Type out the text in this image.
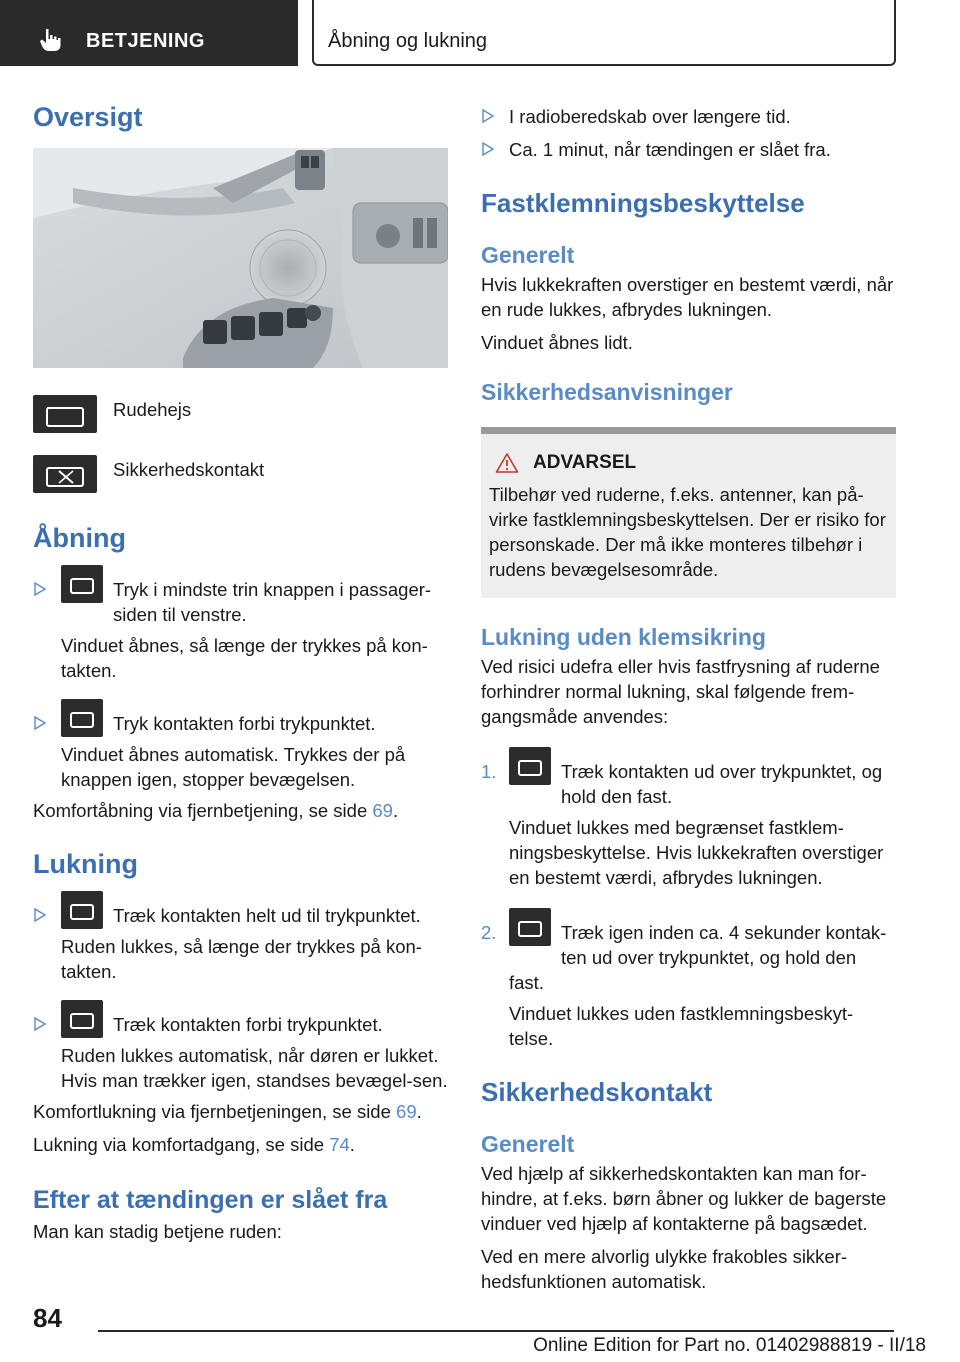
BETJENING	Åbning og lukning
Oversigt
Rudehejs
Sikkerhedskontakt
Åbning
Tryk i mindste trin knappen i passager-siden til venstre.
Vinduet åbnes, så længe der trykkes på kon-takten.
Tryk kontakten forbi trykpunktet.
Vinduet åbnes automatisk. Trykkes der på knappen igen, stopper bevægelsen.
Komfortåbning via fjernbetjening, se side 69.
Lukning
Træk kontakten helt ud til trykpunktet.
Ruden lukkes, så længe der trykkes på kon-takten.
Træk kontakten forbi trykpunktet.
Ruden lukkes automatisk, når døren er lukket. Hvis man trækker igen, standses bevægel-sen.
Komfortlukning via fjernbetjeningen, se side 69.
Lukning via komfortadgang, se side 74.
Efter at tændingen er slået fra
Man kan stadig betjene ruden:
I radioberedskab over længere tid.
Ca. 1 minut, når tændingen er slået fra.
Fastklemningsbeskyttelse
Generelt
Hvis lukkekraften overstiger en bestemt værdi, når en rude lukkes, afbrydes lukningen.
Vinduet åbnes lidt.
Sikkerhedsanvisninger
ADVARSEL
Tilbehør ved ruderne, f.eks. antenner, kan på-virke fastklemningsbeskyttelsen. Der er risiko for personskade. Der må ikke monteres tilbehør i rudens bevægelsesområde.
Lukning uden klemsikring
Ved risici udefra eller hvis fastfrysning af ruderne forhindrer normal lukning, skal følgende frem-gangsmåde anvendes:
1.	Træk kontakten ud over trykpunktet, og hold den fast.
Vinduet lukkes med begrænset fastklem-ningsbeskyttelse. Hvis lukkekraften overstiger en bestemt værdi, afbrydes lukningen.
2.	Træk igen inden ca. 4 sekunder kontak-ten ud over trykpunktet, og hold den fast.
Vinduet lukkes uden fastklemningsbeskyt-telse.
Sikkerhedskontakt
Generelt
Ved hjælp af sikkerhedskontakten kan man for-hindre, at f.eks. børn åbner og lukker de bagerste vinduer ved hjælp af kontakterne på bagsædet.
Ved en mere alvorlig ulykke frakobles sikker-hedsfunktionen automatisk.
84
Online Edition for Part no. 01402988819 - II/18
